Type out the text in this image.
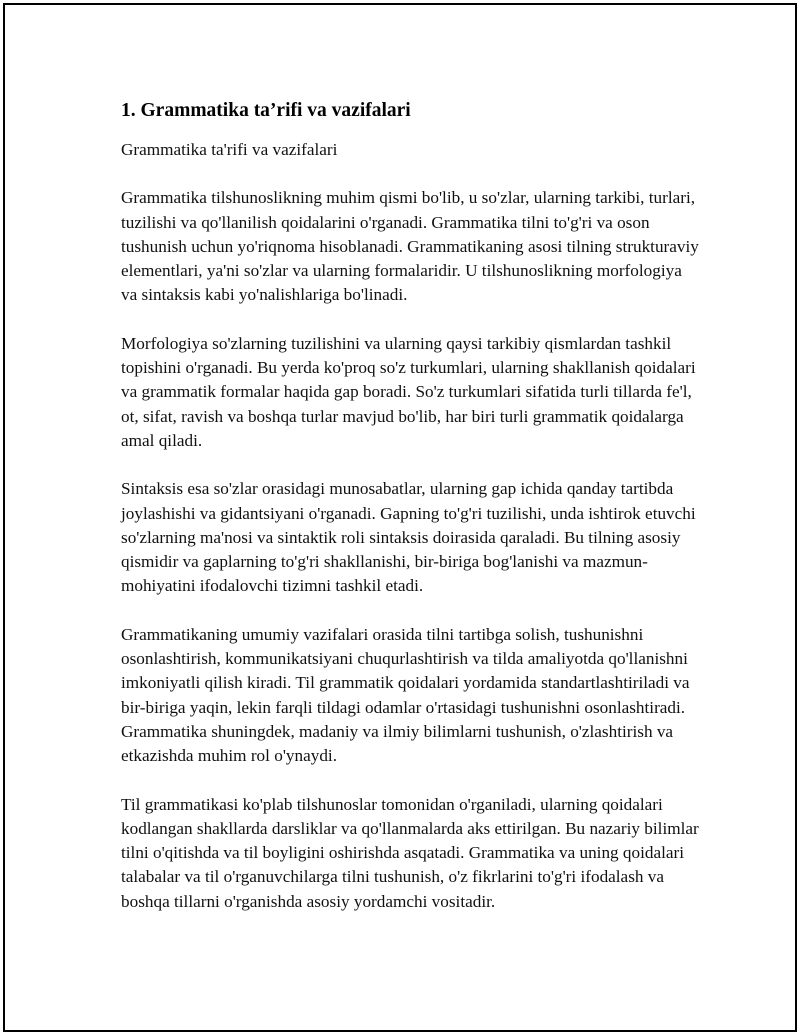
1. Grammatika ta’rifi va vazifalari

Grammatika ta'rifi va vazifalari

Grammatika tilshunoslikning muhim qismi bo'lib, u so'zlar, ularning tarkibi, turlari, tuzilishi va qo'llanilish qoidalarini o'rganadi. Grammatika tilni to'g'ri va oson tushunish uchun yo'riqnoma hisoblanadi. Grammatikaning asosi tilning strukturaviy elementlari, ya'ni so'zlar va ularning formalaridir. U tilshunoslikning morfologiya va sintaksis kabi yo'nalishlariga bo'linadi.

Morfologiya so'zlarning tuzilishini va ularning qaysi tarkibiy qismlardan tashkil topishini o'rganadi. Bu yerda ko'proq so'z turkumlari, ularning shakllanish qoidalari va grammatik formalar haqida gap boradi. So'z turkumlari sifatida turli tillarda fe'l, ot, sifat, ravish va boshqa turlar mavjud bo'lib, har biri turli grammatik qoidalarga amal qiladi.

Sintaksis esa so'zlar orasidagi munosabatlar, ularning gap ichida qanday tartibda joylashishi va gidantsiyani o'rganadi. Gapning to'g'ri tuzilishi, unda ishtirok etuvchi so'zlarning ma'nosi va sintaktik roli sintaksis doirasida qaraladi. Bu tilning asosiy qismidir va gaplarning to'g'ri shakllanishi, bir-biriga bog'lanishi va mazmun-mohiyatini ifodalovchi tizimni tashkil etadi.

Grammatikaning umumiy vazifalari orasida tilni tartibga solish, tushunishni osonlashtirish, kommunikatsiyani chuqurlashtirish va tilda amaliyotda qo'llanishni imkoniyatli qilish kiradi. Til grammatik qoidalari yordamida standartlashtiriladi va bir-biriga yaqin, lekin farqli tildagi odamlar o'rtasidagi tushunishni osonlashtiradi. Grammatika shuningdek, madaniy va ilmiy bilimlarni tushunish, o'zlashtirish va etkazishda muhim rol o'ynaydi.

Til grammatikasi ko'plab tilshunoslar tomonidan o'rganiladi, ularning qoidalari kodlangan shakllarda darsliklar va qo'llanmalarda aks ettirilgan. Bu nazariy bilimlar tilni o'qitishda va til boyligini oshirishda asqatadi. Grammatika va uning qoidalari talabalar va til o'rganuvchilarga tilni tushunish, o'z fikrlarini to'g'ri ifodalash va boshqa tillarni o'rganishda asosiy yordamchi vositadir.
